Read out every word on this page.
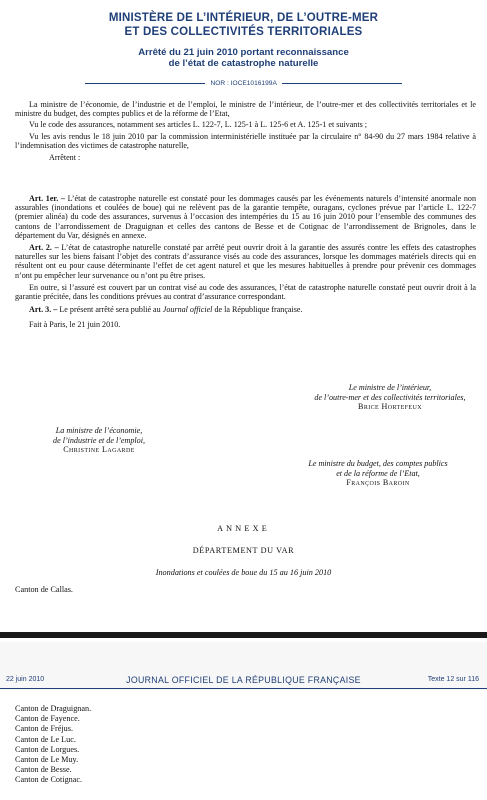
MINISTÈRE DE L’INTÉRIEUR, DE L’OUTRE-MER
ET DES COLLECTIVITÉS TERRITORIALES
Arrêté du 21 juin 2010 portant reconnaissance
de l’état de catastrophe naturelle
NOR : IOCE1016199A

La ministre de l’économie, de l’industrie et de l’emploi, le ministre de l’intérieur, de l’outre-mer et des collectivités territoriales et le ministre du budget, des comptes publics et de la réforme de l’Etat,

Vu le code des assurances, notamment ses articles L. 122-7, L. 125-1 à L. 125-6 et A. 125-1 et suivants ;

Vu les avis rendus le 18 juin 2010 par la commission interministérielle instituée par la circulaire n° 84-90 du 27 mars 1984 relative à l’indemnisation des victimes de catastrophe naturelle,

Arrêtent :

Art. 1er. – L’état de catastrophe naturelle est constaté pour les dommages causés par les événements naturels d’intensité anormale non assurables (inondations et coulées de boue) qui ne relèvent pas de la garantie tempête, ouragans, cyclones prévue par l’article L. 122-7 (premier alinéa) du code des assurances, survenus à l’occasion des intempéries du 15 au 16 juin 2010 pour l’ensemble des communes des cantons de l’arrondissement de Draguignan et celles des cantons de Besse et de Cotignac de l’arrondissement de Brignoles, dans le département du Var, désignés en annexe.

Art. 2. – L’état de catastrophe naturelle constaté par arrêté peut ouvrir droit à la garantie des assurés contre les effets des catastrophes naturelles sur les biens faisant l’objet des contrats d’assurance visés au code des assurances, lorsque les dommages matériels directs qui en résultent ont eu pour cause déterminante l’effet de cet agent naturel et que les mesures habituelles à prendre pour prévenir ces dommages n’ont pu empêcher leur survenance ou n’ont pu être prises.

En outre, si l’assuré est couvert par un contrat visé au code des assurances, l’état de catastrophe naturelle constaté peut ouvrir droit à la garantie précitée, dans les conditions prévues au contrat d’assurance correspondant.

Art. 3. – Le présent arrêté sera publié au Journal officiel de la République française.

Fait à Paris, le 21 juin 2010.

Le ministre de l’intérieur,
de l’outre-mer et des collectivités territoriales,
Brice Hortefeux
La ministre de l’économie,
de l’industrie et de l’emploi,
Christine Lagarde
Le ministre du budget, des comptes publics
et de la réforme de l’Etat,
François Baroin
ANNEXE
DÉPARTEMENT DU VAR
Inondations et coulées de boue du 15 au 16 juin 2010
Canton de Callas.
22 juin 2010	JOURNAL OFFICIEL DE LA RÉPUBLIQUE FRANÇAISE	Texte 12 sur 116
Canton de Draguignan.
Canton de Fayence.
Canton de Fréjus.
Canton de Le Luc.
Canton de Lorgues.
Canton de Le Muy.
Canton de Besse.
Canton de Cotignac.
